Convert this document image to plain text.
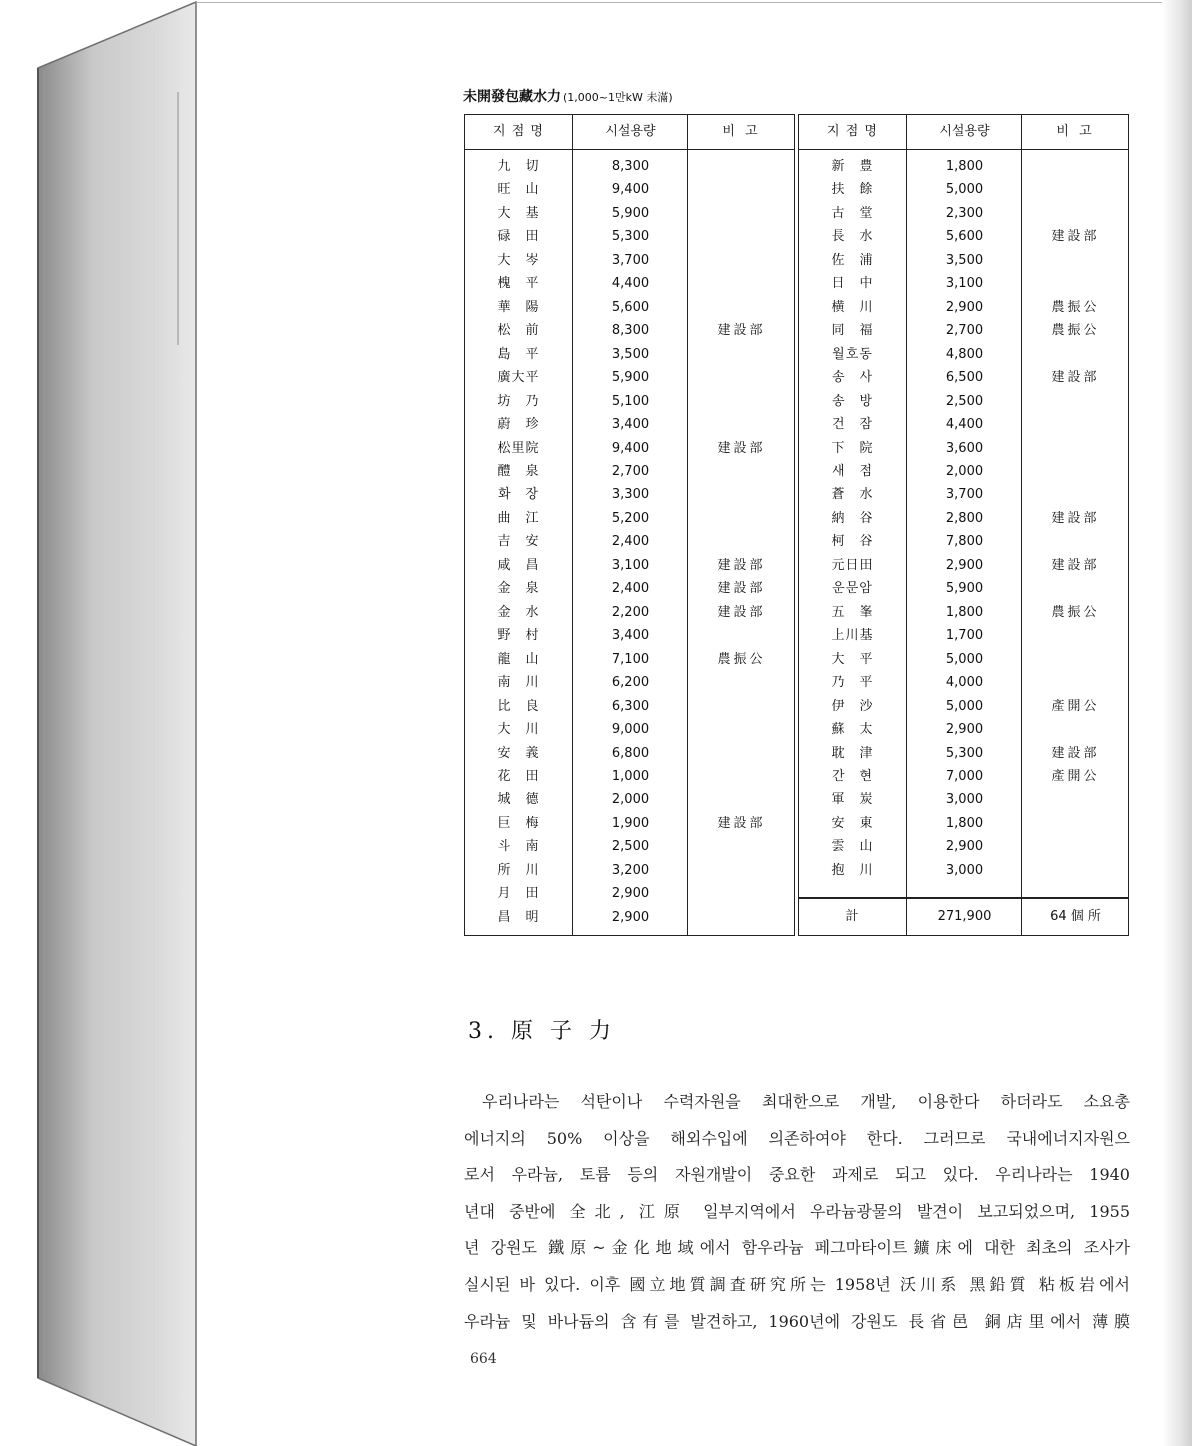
未開發包藏水力 (1,000~1만kW 未滿)
지 점 명	시설용량	비 고
九　切	8,300
旺　山	9,400
大　基	5,900
碌　田	5,300
大　岑	3,700
槐　平	4,400
華　陽	5,600
松　前	8,300	建設部
島　平	3,500
廣大平	5,900
坊　乃	5,100
蔚　珍	3,400
松里院	9,400	建設部
醴　泉	2,700
화　장	3,300
曲　江	5,200
吉　安	2,400
咸　昌	3,100	建設部
金　泉	2,400	建設部
金　水	2,200	建設部
野　村	3,400
龍　山	7,100	農振公
南　川	6,200
比　良	6,300
大　川	9,000
安　義	6,800
花　田	1,000
城　德	2,000
巨　梅	1,900	建設部
斗　南	2,500
所　川	3,200
月　田	2,900
昌　明	2,900
지 점 명	시설용량	비 고
新　豊	1,800
扶　餘	5,000
古　堂	2,300
長　水	5,600	建設部
佐　浦	3,500
日　中	3,100
横　川	2,900	農振公
同　福	2,700	農振公
월호동	4,800
송　사	6,500	建設部
송　방	2,500
건　잠	4,400
下　院	3,600
새　점	2,000
蒼　水	3,700
納　谷	2,800	建設部
柯　谷	7,800
元日田	2,900	建設部
운문암	5,900
五　峯	1,800	農振公
上川基	1,700
大　平	5,000
乃　平	4,000
伊　沙	5,000	產開公
蘇　太	2,900
耽　津	5,300	建設部
간　현	7,000	產開公
軍　炭	3,000
安　東	1,800
雲　山	2,900
抱　川	3,000
計	271,900	64 個 所
3. 原 子 力
우리나라는 석탄이나 수력자원을 최대한으로 개발, 이용한다 하더라도 소요총
에너지의 50% 이상을 해외수입에 의존하여야 한다. 그러므로 국내에너지자원으
로서 우라늄, 토륨 등의 자원개발이 중요한 과제로 되고 있다. 우리나라는 1940
년대 중반에 全北, 江原 일부지역에서 우라늄광물의 발견이 보고되었으며, 1955
년 강원도 鐵原~金化地域에서 함우라늄 페그마타이트鑛床에 대한 최초의 조사가
실시된 바 있다. 이후 國立地質調査硏究所는 1958년 沃川系 黑鉛質 粘板岩에서
우라늄 및 바나듐의 含有를 발견하고, 1960년에 강원도 長省邑 銅店里에서 薄膜
664
